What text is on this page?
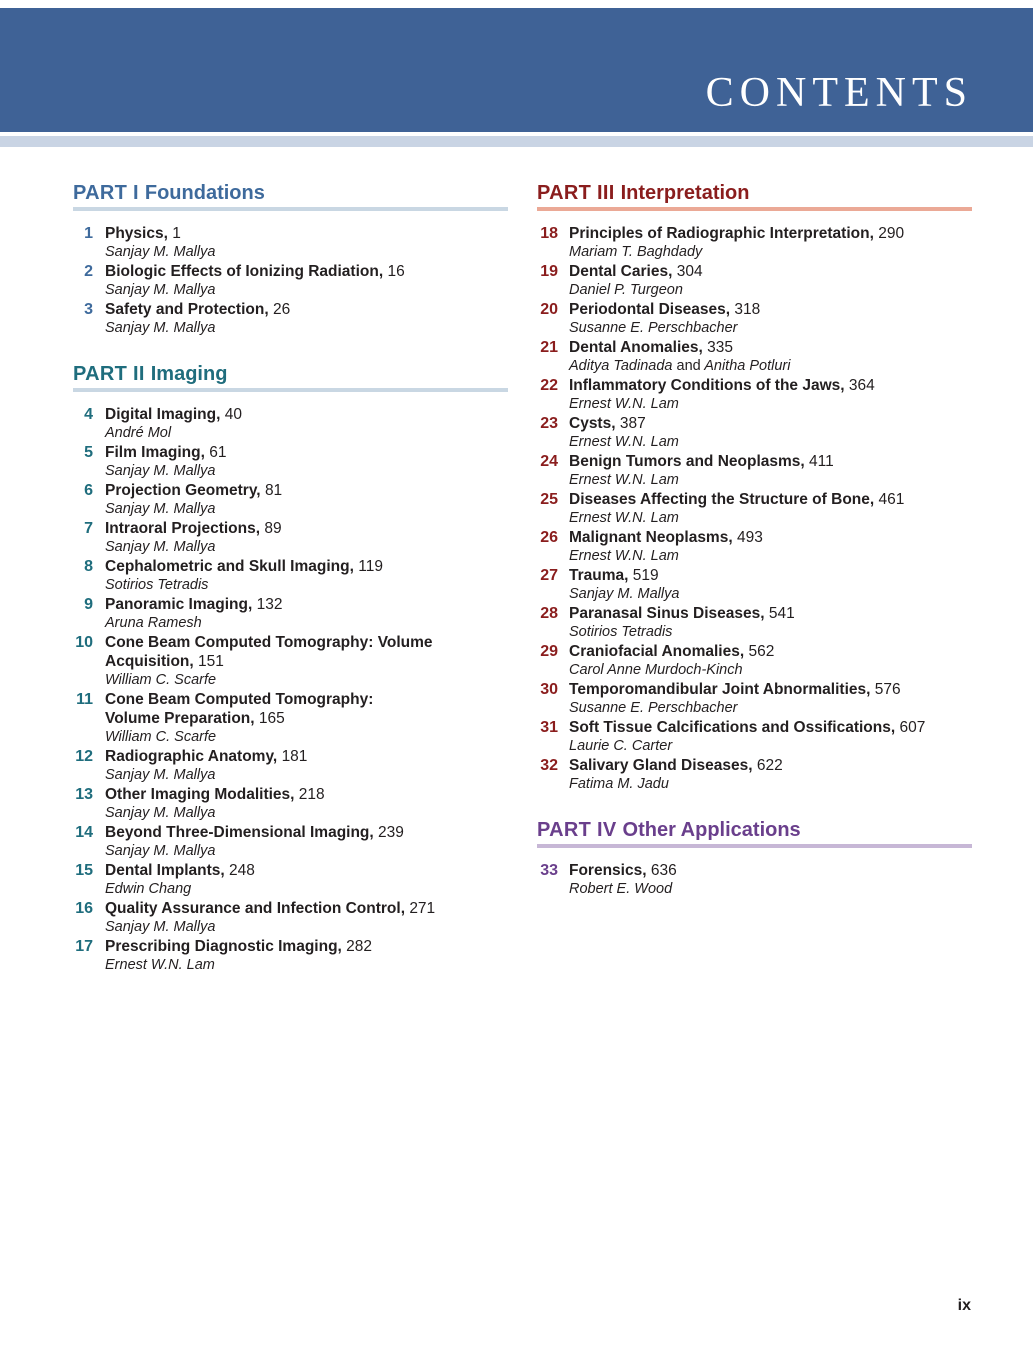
CONTENTS
PART I Foundations
1 Physics, 1
Sanjay M. Mallya
2 Biologic Effects of Ionizing Radiation, 16
Sanjay M. Mallya
3 Safety and Protection, 26
Sanjay M. Mallya
PART II Imaging
4 Digital Imaging, 40
André Mol
5 Film Imaging, 61
Sanjay M. Mallya
6 Projection Geometry, 81
Sanjay M. Mallya
7 Intraoral Projections, 89
Sanjay M. Mallya
8 Cephalometric and Skull Imaging, 119
Sotirios Tetradis
9 Panoramic Imaging, 132
Aruna Ramesh
10 Cone Beam Computed Tomography: Volume
Acquisition, 151
William C. Scarfe
11 Cone Beam Computed Tomography:
Volume Preparation, 165
William C. Scarfe
12 Radiographic Anatomy, 181
Sanjay M. Mallya
13 Other Imaging Modalities, 218
Sanjay M. Mallya
14 Beyond Three-Dimensional Imaging, 239
Sanjay M. Mallya
15 Dental Implants, 248
Edwin Chang
16 Quality Assurance and Infection Control, 271
Sanjay M. Mallya
17 Prescribing Diagnostic Imaging, 282
Ernest W.N. Lam
PART III Interpretation
18 Principles of Radiographic Interpretation, 290
Mariam T. Baghdady
19 Dental Caries, 304
Daniel P. Turgeon
20 Periodontal Diseases, 318
Susanne E. Perschbacher
21 Dental Anomalies, 335
Aditya Tadinada and Anitha Potluri
22 Inflammatory Conditions of the Jaws, 364
Ernest W.N. Lam
23 Cysts, 387
Ernest W.N. Lam
24 Benign Tumors and Neoplasms, 411
Ernest W.N. Lam
25 Diseases Affecting the Structure of Bone, 461
Ernest W.N. Lam
26 Malignant Neoplasms, 493
Ernest W.N. Lam
27 Trauma, 519
Sanjay M. Mallya
28 Paranasal Sinus Diseases, 541
Sotirios Tetradis
29 Craniofacial Anomalies, 562
Carol Anne Murdoch-Kinch
30 Temporomandibular Joint Abnormalities, 576
Susanne E. Perschbacher
31 Soft Tissue Calcifications and Ossifications, 607
Laurie C. Carter
32 Salivary Gland Diseases, 622
Fatima M. Jadu
PART IV Other Applications
33 Forensics, 636
Robert E. Wood
ix
